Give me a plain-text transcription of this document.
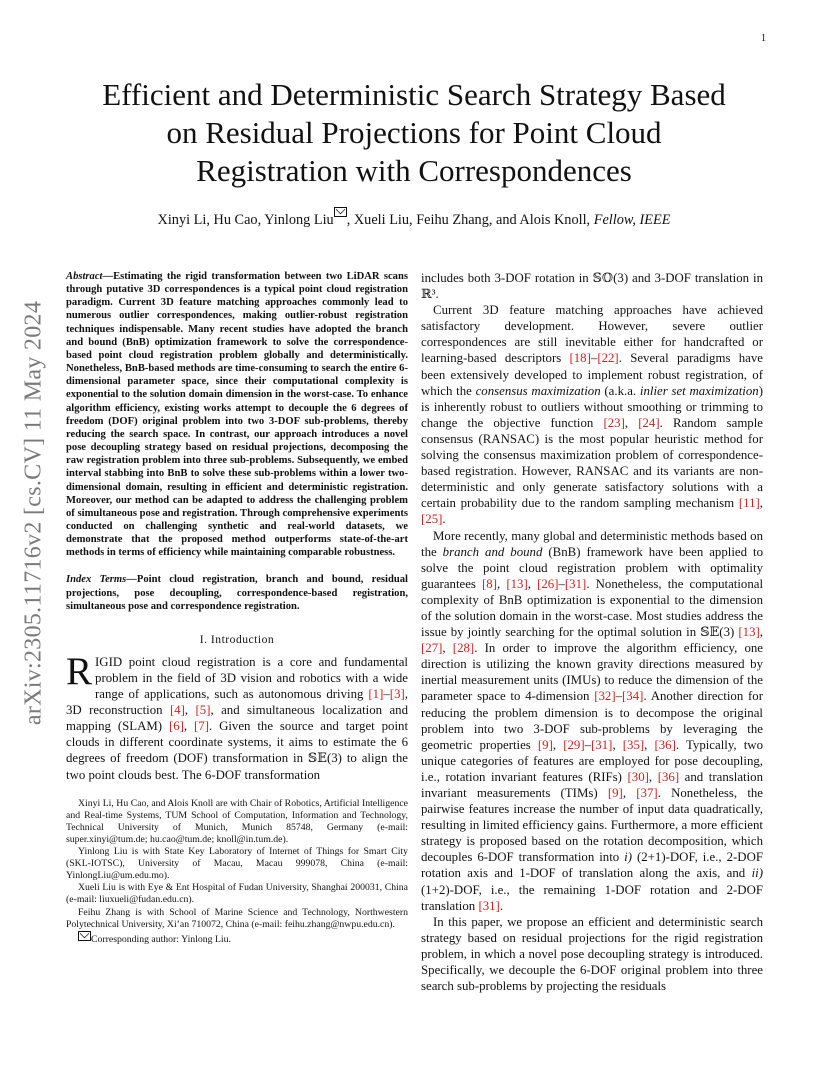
1
arXiv:2305.11716v2 [cs.CV] 11 May 2024
Efficient and Deterministic Search Strategy Based
on Residual Projections for Point Cloud
Registration with Correspondences
Xinyi Li, Hu Cao, Yinlong Liu , Xueli Liu, Feihu Zhang, and Alois Knoll, Fellow, IEEE

Abstract—Estimating the rigid transformation between two LiDAR scans through putative 3D correspondences is a typical point cloud registration paradigm. Current 3D feature matching approaches commonly lead to numerous outlier correspondences, making outlier-robust registration techniques indispensable. Many recent studies have adopted the branch and bound (BnB) optimization framework to solve the correspondence-based point cloud registration problem globally and deterministically. Nonetheless, BnB-based methods are time-consuming to search the entire 6-dimensional parameter space, since their computational complexity is exponential to the solution domain dimension in the worst-case. To enhance algorithm efficiency, existing works attempt to decouple the 6 degrees of freedom (DOF) original problem into two 3-DOF sub-problems, thereby reducing the search space. In contrast, our approach introduces a novel pose decoupling strategy based on residual projections, decomposing the raw registration problem into three sub-problems. Subsequently, we embed interval stabbing into BnB to solve these sub-problems within a lower two-dimensional domain, resulting in efficient and deterministic registration. Moreover, our method can be adapted to address the challenging problem of simultaneous pose and registration. Through comprehensive experiments conducted on challenging synthetic and real-world datasets, we demonstrate that the proposed method outperforms state-of-the-art methods in terms of efficiency while maintaining comparable robustness.

Index Terms—Point cloud registration, branch and bound, residual projections, pose decoupling, correspondence-based registration, simultaneous pose and correspondence registration.

I. Introduction

RIGID point cloud registration is a core and fundamental problem in the field of 3D vision and robotics with a wide range of applications, such as autonomous driving [1]–[3], 3D reconstruction [4], [5], and simultaneous localization and mapping (SLAM) [6], [7]. Given the source and target point clouds in different coordinate systems, it aims to estimate the 6 degrees of freedom (DOF) transformation in 𝕊𝔼(3) to align the two point clouds best. The 6-DOF transformation

Xinyi Li, Hu Cao, and Alois Knoll are with Chair of Robotics, Artificial Intelligence and Real-time Systems, TUM School of Computation, Information and Technology, Technical University of Munich, Munich 85748, Germany (e-mail: super.xinyi@tum.de; hu.cao@tum.de; knoll@in.tum.de).

Yinlong Liu is with State Key Laboratory of Internet of Things for Smart City (SKL-IOTSC), University of Macau, Macau 999078, China (e-mail: YinlongLiu@um.edu.mo).

Xueli Liu is with Eye & Ent Hospital of Fudan University, Shanghai 200031, China (e-mail: liuxueli@fudan.edu.cn).

Feihu Zhang is with School of Marine Science and Technology, Northwestern Polytechnical University, Xi’an 710072, China (e-mail: feihu.zhang@nwpu.edu.cn).

Corresponding author: Yinlong Liu.

includes both 3-DOF rotation in 𝕊𝕆(3) and 3-DOF translation in ℝ³.

Current 3D feature matching approaches have achieved satisfactory development. However, severe outlier correspondences are still inevitable either for handcrafted or learning-based descriptors [18]–[22]. Several paradigms have been extensively developed to implement robust registration, of which the consensus maximization (a.k.a. inlier set maximization) is inherently robust to outliers without smoothing or trimming to change the objective function [23], [24]. Random sample consensus (RANSAC) is the most popular heuristic method for solving the consensus maximization problem of correspondence-based registration. However, RANSAC and its variants are non-deterministic and only generate satisfactory solutions with a certain probability due to the random sampling mechanism [11], [25].

More recently, many global and deterministic methods based on the branch and bound (BnB) framework have been applied to solve the point cloud registration problem with optimality guarantees [8], [13], [26]–[31]. Nonetheless, the computational complexity of BnB optimization is exponential to the dimension of the solution domain in the worst-case. Most studies address the issue by jointly searching for the optimal solution in 𝕊𝔼(3) [13], [27], [28]. In order to improve the algorithm efficiency, one direction is utilizing the known gravity directions measured by inertial measurement units (IMUs) to reduce the dimension of the parameter space to 4-dimension [32]–[34]. Another direction for reducing the problem dimension is to decompose the original problem into two 3-DOF sub-problems by leveraging the geometric properties [9], [29]–[31], [35], [36]. Typically, two unique categories of features are employed for pose decoupling, i.e., rotation invariant features (RIFs) [30], [36] and translation invariant measurements (TIMs) [9], [37]. Nonetheless, the pairwise features increase the number of input data quadratically, resulting in limited efficiency gains. Furthermore, a more efficient strategy is proposed based on the rotation decomposition, which decouples 6-DOF transformation into i) (2+1)-DOF, i.e., 2-DOF rotation axis and 1-DOF of translation along the axis, and ii) (1+2)-DOF, i.e., the remaining 1-DOF rotation and 2-DOF translation [31].

In this paper, we propose an efficient and deterministic search strategy based on residual projections for the rigid registration problem, in which a novel pose decoupling strategy is introduced. Specifically, we decouple the 6-DOF original problem into three search sub-problems by projecting the residuals
